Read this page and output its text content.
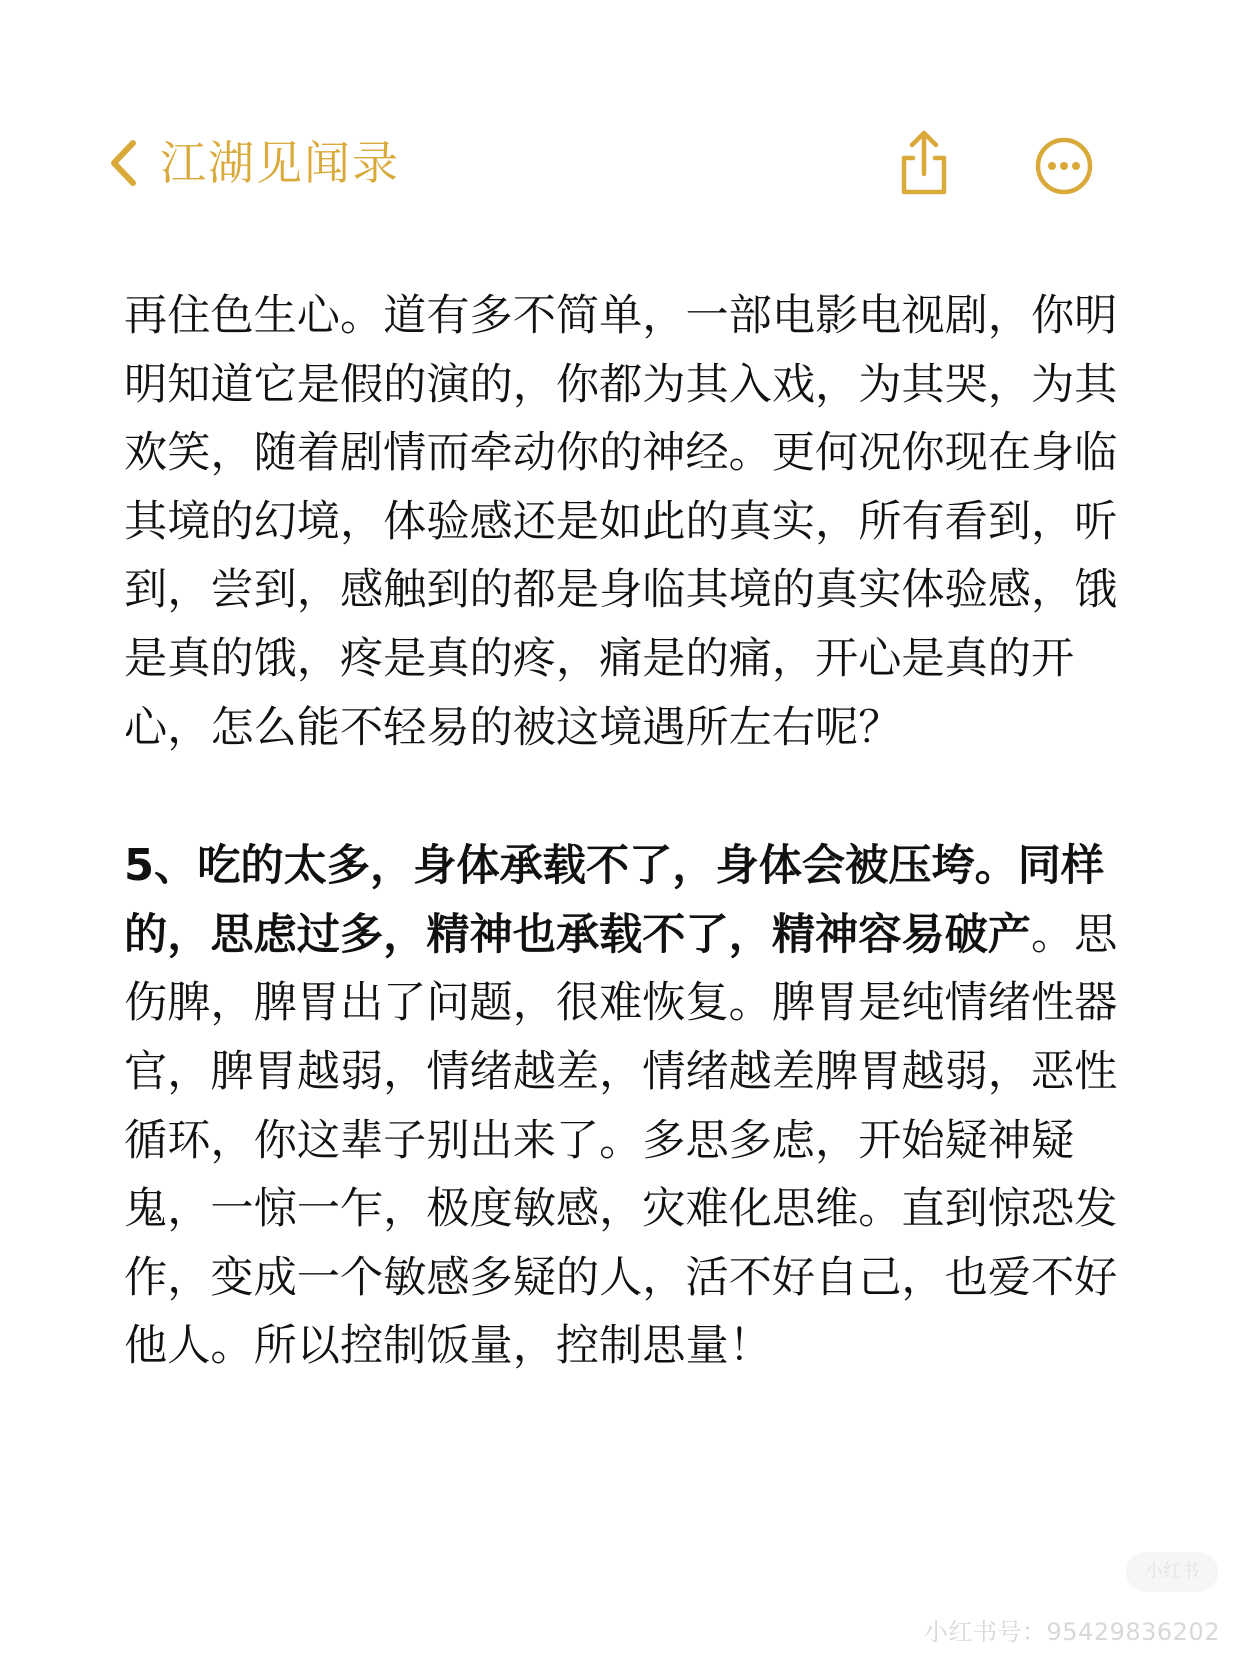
江湖见闻录

再住色生心。道有多不简单，一部电影电视剧，你明明知道它是假的演的，你都为其入戏，为其哭，为其欢笑，随着剧情而牵动你的神经。更何况你现在身临其境的幻境，体验感还是如此的真实，所有看到，听到，尝到，感触到的都是身临其境的真实体验感，饿是真的饿，疼是真的疼，痛是的痛，开心是真的开心，怎么能不轻易的被这境遇所左右呢？

5、吃的太多，身体承载不了，身体会被压垮。同样的，思虑过多，精神也承载不了，精神容易破产。思伤脾，脾胃出了问题，很难恢复。脾胃是纯情绪性器官，脾胃越弱，情绪越差，情绪越差脾胃越弱，恶性循环，你这辈子别出来了。多思多虑，开始疑神疑鬼，一惊一乍，极度敏感，灾难化思维。直到惊恐发作，变成一个敏感多疑的人，活不好自己，也爱不好他人。所以控制饭量，控制思量！

小红书
小红书号：95429836202
